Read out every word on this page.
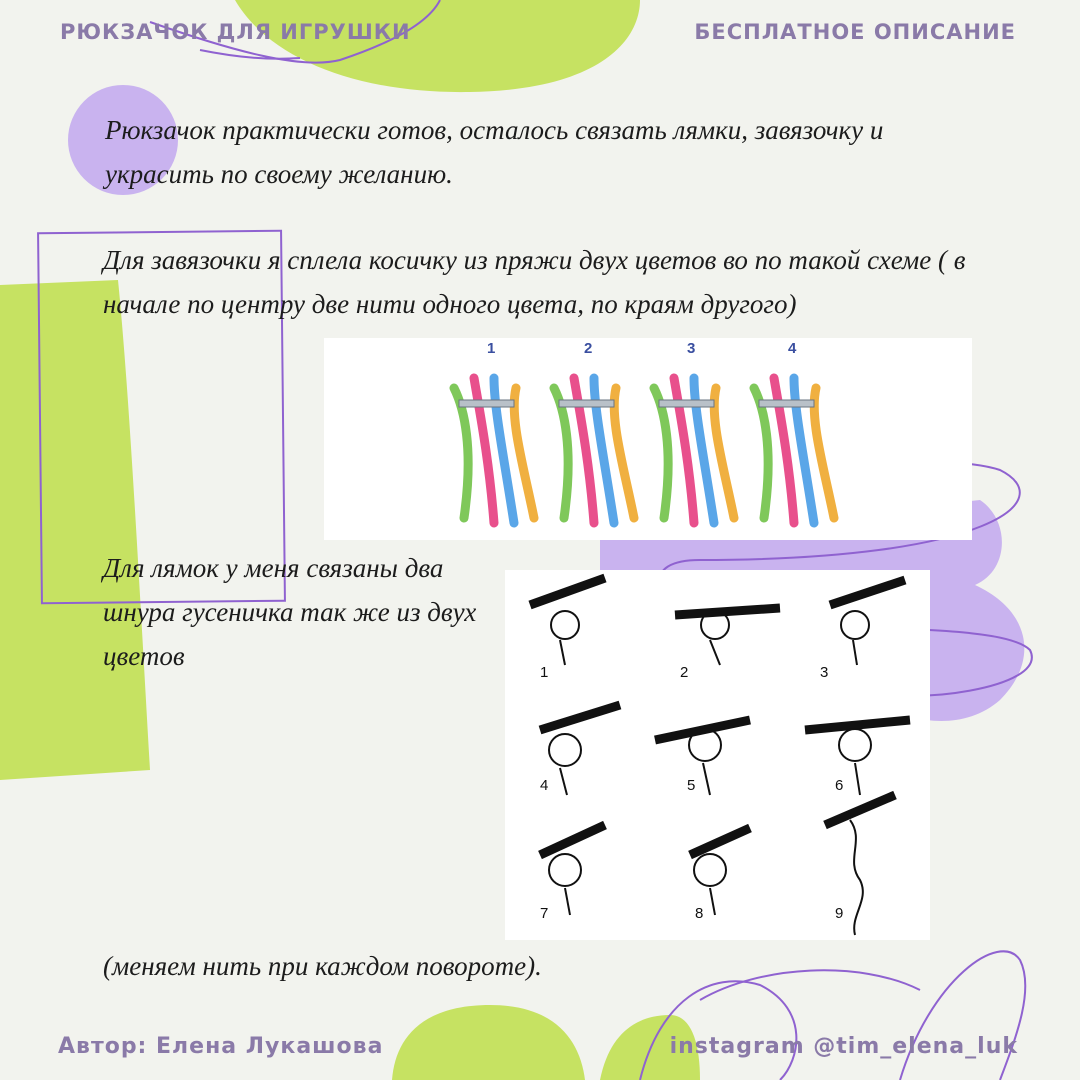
РЮКЗАЧОК ДЛЯ ИГРУШКИ	БЕСПЛАТНОЕ ОПИСАНИЕ

Рюкзачок практически готов, осталось связать лямки, завязочку и украсить по своему желанию.

Для завязочки я сплела косичку из пряжи двух цветов во по такой схеме ( в начале по центру две нити одного цвета, по краям другого)

1	2	3	4

Для лямок у меня связаны два шнура гусеничка так же из двух цветов

1	2	3
4	5	6
7	8	9

(меняем нить при каждом повороте).

Автор: Елена Лукашова	instagram @tim_elena_luk
